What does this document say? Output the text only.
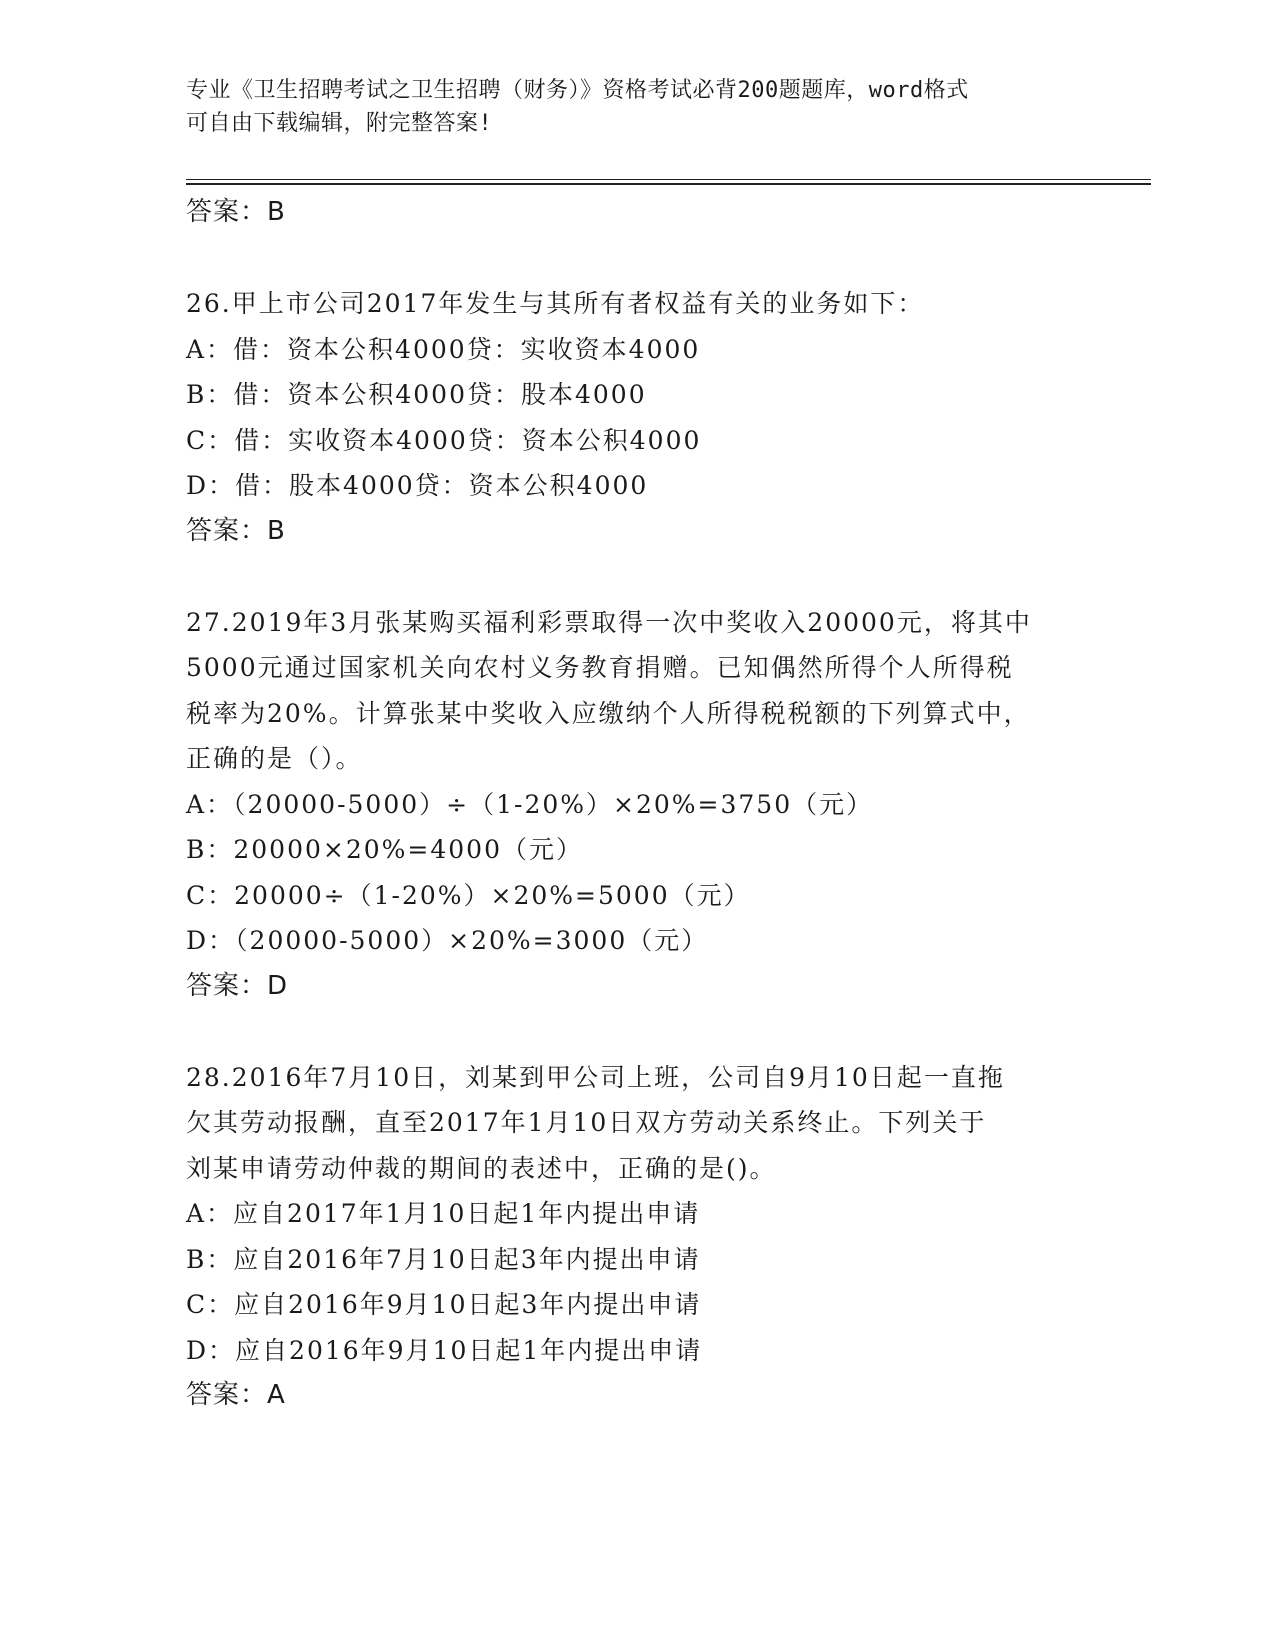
专业《卫生招聘考试之卫生招聘（财务）》资格考试必背200题题库，word格式
可自由下载编辑，附完整答案!
答案：B
26.甲上市公司2017年发生与其所有者权益有关的业务如下：
A：借：资本公积4000贷：实收资本4000
B：借：资本公积4000贷：股本4000
C：借：实收资本4000贷：资本公积4000
D：借：股本4000贷：资本公积4000
答案：B
27.2019年3月张某购买福利彩票取得一次中奖收入20000元，将其中
5000元通过国家机关向农村义务教育捐赠。已知偶然所得个人所得税
税率为20%。计算张某中奖收入应缴纳个人所得税税额的下列算式中，
正确的是（）。
A：（20000-5000）÷（1-20%）×20%=3750（元）
B：20000×20%=4000（元）
C：20000÷（1-20%）×20%=5000（元）
D：（20000-5000）×20%=3000（元）
答案：D
28.2016年7月10日，刘某到甲公司上班，公司自9月10日起一直拖
欠其劳动报酬，直至2017年1月10日双方劳动关系终止。下列关于
刘某申请劳动仲裁的期间的表述中，正确的是()。
A：应自2017年1月10日起1年内提出申请
B：应自2016年7月10日起3年内提出申请
C：应自2016年9月10日起3年内提出申请
D：应自2016年9月10日起1年内提出申请
答案：A
